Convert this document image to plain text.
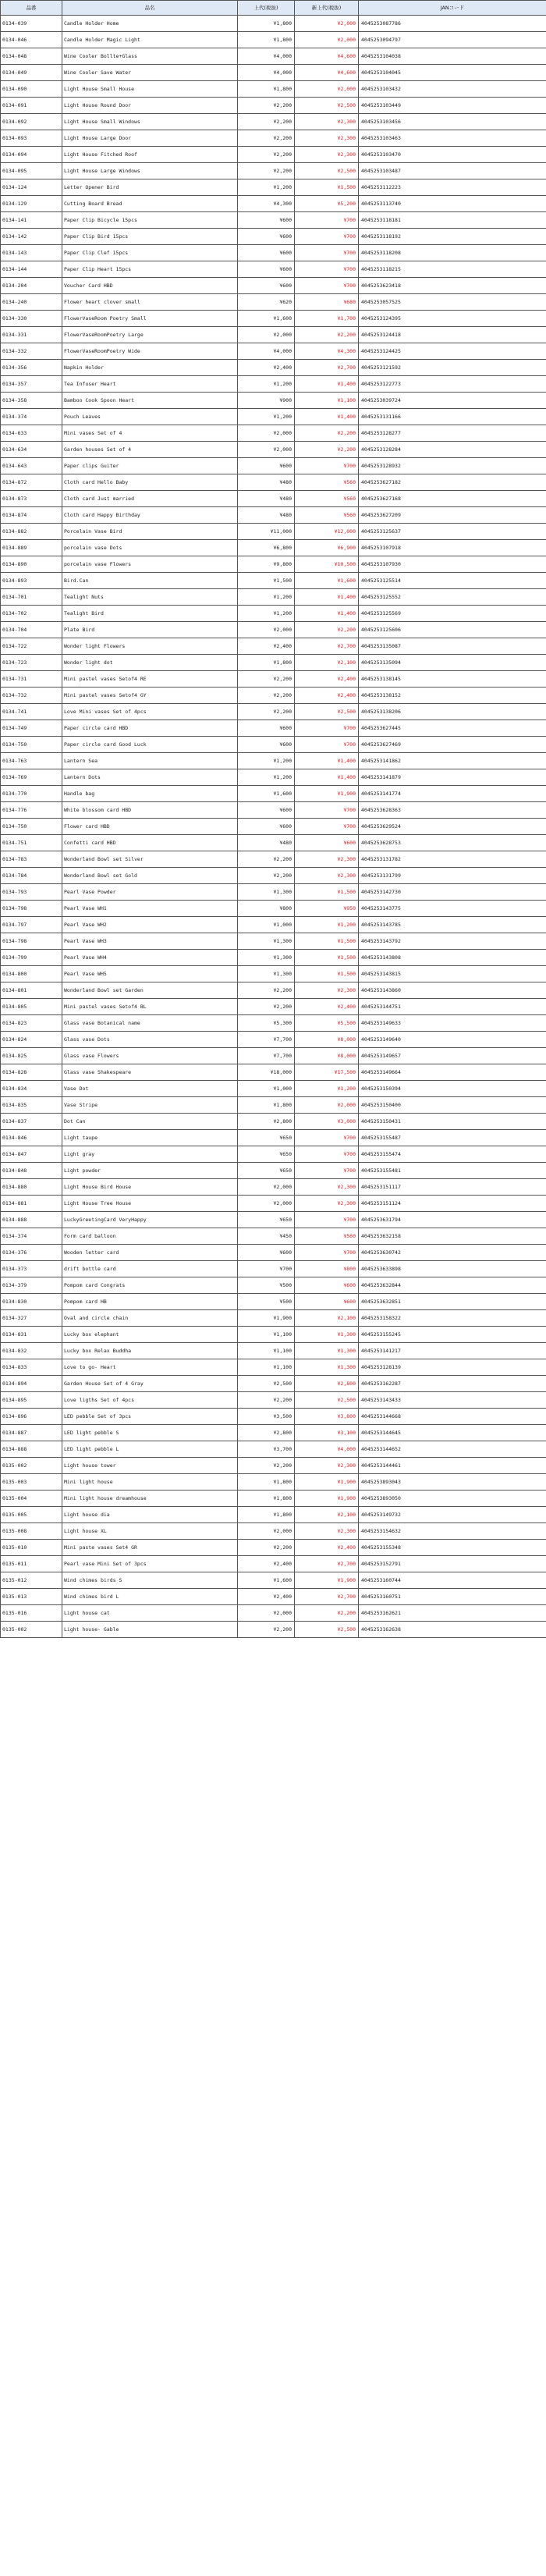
品番	品名	上代(税抜)	新上代(税抜)	JANコード
0134-039	Candle Holder Home	¥1,800	¥2,000	4045253087786
0134-046	Candle Holder Magic Light	¥1,800	¥2,000	4045253094797
0134-048	Wine Cooler Bollte+Glass	¥4,000	¥4,600	4045253104038
0134-049	Wine Cooler Save Water	¥4,000	¥4,600	4045253104045
0134-090	Light House Small House	¥1,800	¥2,000	4045253103432
0134-091	Light House Round Door	¥2,200	¥2,500	4045253103449
0134-092	Light House Small Windows	¥2,200	¥2,300	4045253103456
0134-093	Light House Large Door	¥2,200	¥2,300	4045253103463
0134-094	Light House Fitched Roof	¥2,200	¥2,300	4045253103470
0134-095	Light House Large Windows	¥2,200	¥2,500	4045253103487
0134-124	Letter Opener Bird	¥1,200	¥1,500	4045253112223
0134-129	Cutting Board Bread	¥4,300	¥5,200	4045253113740
0134-141	Paper Clip Bicycle 15pcs	¥600	¥700	4045253118181
0134-142	Paper Clip Bird 15pcs	¥600	¥700	4045253118192
0134-143	Paper Clip Clef 15pcs	¥600	¥700	4045253118208
0134-144	Paper Clip Heart 15pcs	¥600	¥700	4045253118215
0134-204	Voucher Card HBD	¥600	¥700	4045253623418
0134-240	Flower heart clover small	¥620	¥680	4045253057525
0134-330	FlowerVaseRoom Poetry Small	¥1,600	¥1,700	4045253124395
0134-331	FlowerVaseRoomPoetry Large	¥2,000	¥2,200	4045253124418
0134-332	FlowerVaseRoomPoetry Wide	¥4,000	¥4,300	4045253124425
0134-356	Napkin Holder	¥2,400	¥2,700	4045253121592
0134-357	Tea Infuser Heart	¥1,200	¥1,400	4045253122773
0134-358	Bamboo Cook Spoon Heart	¥900	¥1,100	4045253039724
0134-374	Pouch Leaves	¥1,200	¥1,400	4045253131166
0134-633	Mini vases Set of 4	¥2,000	¥2,200	4045253128277
0134-634	Garden houses Set of 4	¥2,000	¥2,200	4045253128284
0134-643	Paper clips Guiter	¥600	¥700	4045253128932
0134-872	Cloth card Hello Baby	¥480	¥560	4045253627182
0134-873	Cloth card Just married	¥480	¥560	4045253627168
0134-874	Cloth card Happy Birthday	¥480	¥560	4045253627209
0134-882	Porcelain Vase Bird	¥11,000	¥12,000	4045253125637
0134-889	porcelain vase Dots	¥6,800	¥6,900	4045253107918
0134-890	porcelain vase Flowers	¥9,800	¥10,500	4045253107930
0134-893	Bird.Can	¥1,500	¥1,600	4045253125514
0134-701	Tealight Nuts	¥1,200	¥1,400	4045253125552
0134-702	Tealight Bird	¥1,200	¥1,400	4045253125569
0134-704	Plate Bird	¥2,000	¥2,200	4045253125606
0134-722	Wonder light Flowers	¥2,400	¥2,700	4045253135087
0134-723	Wonder light dot	¥1,800	¥2,100	4045253135094
0134-731	Mini pastel vases Setof4 RE	¥2,200	¥2,400	4045253138145
0134-732	Mini pastel vases Setof4 GY	¥2,200	¥2,400	4045253138152
0134-741	Love Mini vases Set of 4pcs	¥2,200	¥2,500	4045253138206
0134-749	Paper circle card HBD	¥600	¥700	4045253627445
0134-750	Paper circle card Good Luck	¥600	¥700	4045253627469
0134-763	Lantern Sea	¥1,200	¥1,400	4045253141862
0134-769	Lantern Dots	¥1,200	¥1,400	4045253141879
0134-770	Handle bag	¥1,600	¥1,900	4045253141774
0134-776	White blossom card HBD	¥600	¥700	4045253628363
0134-750	Flower card HBD	¥600	¥700	4045253629524
0134-751	Confetti card HBD	¥480	¥600	4045253628753
0134-783	Wonderland Bowl set Silver	¥2,200	¥2,300	4045253131782
0134-784	Wonderland Bowl set Gold	¥2,200	¥2,300	4045253131799
0134-793	Pearl Vase Powder	¥1,300	¥1,500	4045253142730
0134-798	Pearl Vase WH1	¥800	¥950	4045253143775
0134-797	Pearl Vase WH2	¥1,000	¥1,200	4045253143785
0134-798	Pearl Vase WH3	¥1,300	¥1,500	4045253143792
0134-799	Pearl Vase WH4	¥1,300	¥1,500	4045253143808
0134-800	Pearl Vase WH5	¥1,300	¥1,500	4045253143815
0134-801	Wonderland Bowl set Garden	¥2,200	¥2,300	4045253143860
0134-805	Mini pastel vases Setof4 BL	¥2,200	¥2,400	4045253144751
0134-823	Glass vase Botanical name	¥5,300	¥5,500	4045253149633
0134-824	Glass vase Dots	¥7,700	¥8,000	4045253149640
0134-825	Glass vase Flowers	¥7,700	¥8,000	4045253149657
0134-828	Glass vase Shakespeare	¥18,000	¥17,500	4045253149664
0134-834	Vase Dot	¥1,000	¥1,200	4045253150394
0134-835	Vase Stripe	¥1,800	¥2,000	4045253150400
0134-837	Dot Can	¥2,800	¥3,000	4045253150431
0134-846	Light taupe	¥650	¥700	4045253155487
0134-847	Light gray	¥650	¥700	4045253155474
0134-848	Light powder	¥650	¥700	4045253155481
0134-880	Light House Bird House	¥2,000	¥2,300	4045253151117
0134-881	Light House Tree House	¥2,000	¥2,300	4045253151124
0134-888	LuckyGreetingCard VeryHappy	¥650	¥700	4045253631794
0134-374	Form card balloon	¥450	¥560	4045253632158
0134-376	Wooden letter card	¥600	¥700	4045253630742
0134-373	drift bottle card	¥700	¥800	4045253633898
0134-379	Pompom card Congrats	¥500	¥600	4045253632844
0134-830	Pompom card HB	¥500	¥600	4045253632851
0134-327	Oval and circle chain	¥1,900	¥2,100	4045253158322
0134-831	Lucky box elephant	¥1,100	¥1,300	4045253155245
0134-832	Lucky box Relax Buddha	¥1,100	¥1,300	4045253141217
0134-833	Love to go- Heart	¥1,100	¥1,300	4045253128139
0134-894	Garden House Set of 4 Gray	¥2,500	¥2,800	4045253162287
0134-895	Love ligths Set of 4pcs	¥2,200	¥2,500	4045253143433
0134-896	LED pebble Set of 3pcs	¥3,500	¥3,800	4045253144668
0134-887	LED light pebble S	¥2,800	¥3,100	4045253144645
0134-888	LED light pebble L	¥3,700	¥4,000	4045253144652
0135-002	Light house tower	¥2,200	¥2,300	4045253144461
0135-003	Mini light house	¥1,800	¥1,900	4045253893043
0135-004	Mini light house dreamhouse	¥1,800	¥1,900	4045253893050
0135-005	Light house dia	¥1,800	¥2,100	4045253149732
0135-008	Light house XL	¥2,000	¥2,300	4045253154632
0135-010	Mini paste vases Set4 GR	¥2,200	¥2,400	4045253155348
0135-011	Pearl vase Mini Set of 3pcs	¥2,400	¥2,700	4045253152791
0135-012	Wind chimes birds S	¥1,600	¥1,900	4045253160744
0135-013	Wind chimes bird L	¥2,400	¥2,700	4045253160751
0135-016	Light house cat	¥2,000	¥2,200	4045253162621
0135-002	Light house- Gable	¥2,200	¥2,500	4045253162638
